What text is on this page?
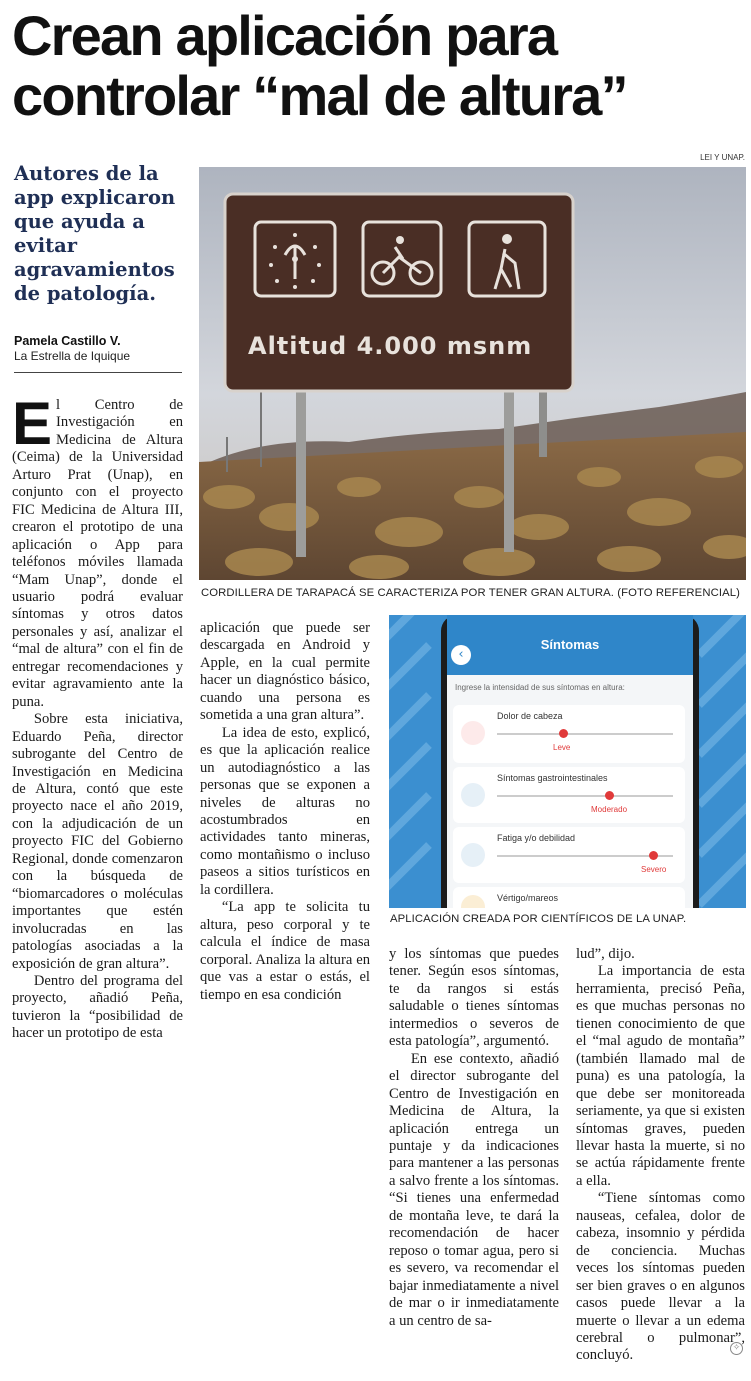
Crean aplicación para
controlar “mal de altura”
Autores de la
app explicaron
que ayuda a
evitar
agravamientos
de patología.
Pamela Castillo V.
La Estrella de Iquique
LEI Y UNAP.
Altitud 4.000 msnm
CORDILLERA DE TARAPACÁ SE CARACTERIZA POR TENER GRAN ALTURA. (FOTO REFERENCIAL)
‹
Síntomas
Ingrese la intensidad de sus síntomas en altura:
Dolor de cabeza
Leve
Síntomas gastrointestinales
Moderado
Fatiga y/o debilidad
Severo
Vértigo/mareos
APLICACIÓN CREADA POR CIENTÍFICOS DE LA UNAP.

El Centro de Investigación en Medicina de Altura (Ceima) de la Universidad Arturo Prat (Unap), en conjunto con el proyecto FIC Medicina de Altura III, crearon el prototipo de una aplicación o App para teléfonos móviles llamada “Mam Unap”, donde el usuario podrá evaluar síntomas y otros datos personales y así, analizar el “mal de altura” con el fin de entregar recomendaciones y evitar agravamiento ante la puna.

Sobre esta iniciativa, Eduardo Peña, director subrogante del Centro de Investigación en Medicina de Altura, contó que este proyecto nace el año 2019, con la adjudicación de un proyecto FIC del Gobierno Regional, donde comenzaron con la búsqueda de “biomarcadores o moléculas importantes que estén involucradas en las patologías asociadas a la exposición de gran altura”.

Dentro del programa del proyecto, añadió Peña, tuvieron la “posibilidad de hacer un prototipo de esta

aplicación que puede ser descargada en Android y Apple, en la cual permite hacer un diagnóstico básico, cuando una persona es sometida a una gran altura”.

La idea de esto, explicó, es que la aplicación realice un autodiagnóstico a las personas que se exponen a niveles de alturas no acostumbrados en actividades tanto mineras, como montañismo o incluso paseos a sitios turísticos en la cordillera.

“La app te solicita tu altura, peso corporal y te calcula el índice de masa corporal. Analiza la altura en que vas a estar o estás, el tiempo en esa condición

y los síntomas que puedes tener. Según esos síntomas, te da rangos si estás saludable o tienes síntomas intermedios o severos de esta patología”, argumentó.

En ese contexto, añadió el director subrogante del Centro de Investigación en Medicina de Altura, la aplicación entrega un puntaje y da indicaciones para mantener a las personas a salvo frente a los síntomas. “Si tienes una enfermedad de montaña leve, te dará la recomendación de hacer reposo o tomar agua, pero si es severo, va recomendar el bajar inmediatamente a nivel de mar o ir inmediatamente a un centro de sa-

lud”, dijo.

La importancia de esta herramienta, precisó Peña, es que muchas personas no tienen conocimiento de que el “mal agudo de montaña” (también llamado mal de puna) es una patología, la que debe ser monitoreada seriamente, ya que si existen síntomas graves, pueden llevar hasta la muerte, si no se actúa rápidamente frente a ella.

“Tiene síntomas como nauseas, cefalea, dolor de cabeza, insomnio y pérdida de conciencia. Muchas veces los síntomas pueden ser bien graves o en algunos casos puede llevar a la muerte o llevar a un edema cerebral o pulmonar”, concluyó.	✧
